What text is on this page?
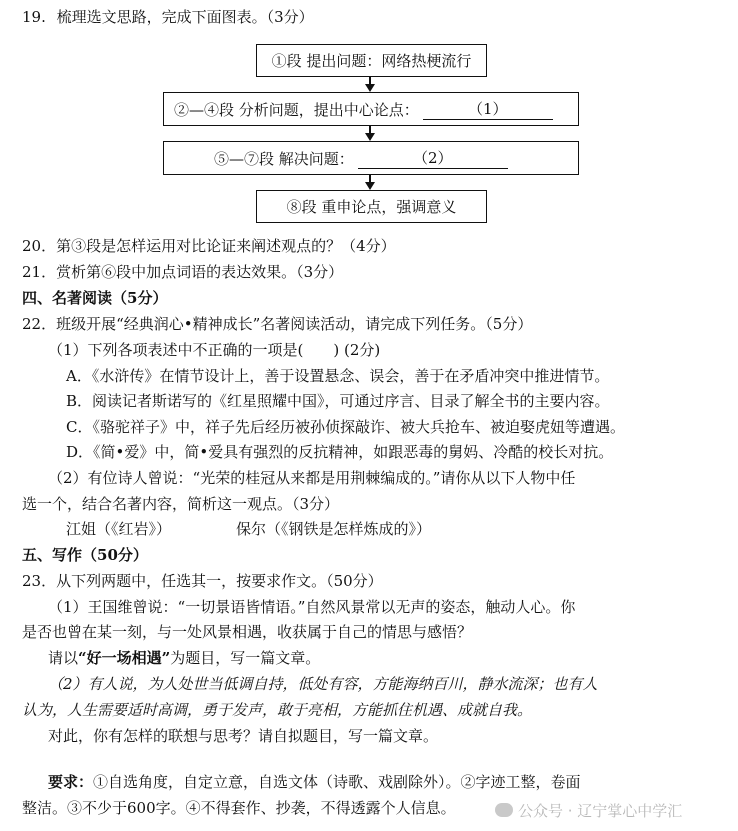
19. 梳理选文思路，完成下面图表。（3分）
①段 提出问题：网络热梗流行
②—④段 分析问题，提出中心论点：	（1）
⑤—⑦段 解决问题：	（2）
⑧段 重申论点，强调意义
20．第③段是怎样运用对比论证来阐述观点的？（4分）
21．赏析第⑥段中加点词语的表达效果。（3分）
四、名著阅读（5分）
22．班级开展“经典润心•精神成长”名著阅读活动，请完成下列任务。（5分）
（1）下列各项表述中不正确的一项是(　　) (2分)
A．《水浒传》在情节设计上，善于设置悬念、误会，善于在矛盾冲突中推进情节。
B．阅读记者斯诺写的《红星照耀中国》，可通过序言、目录了解全书的主要内容。
C．《骆驼祥子》中，祥子先后经历被孙侦探敲诈、被大兵抢车、被迫娶虎妞等遭遇。
D．《简•爱》中，简•爱具有强烈的反抗精神，如跟恶毒的舅妈、冷酷的校长对抗。
（2）有位诗人曾说：“光荣的桂冠从来都是用荆棘编成的。”请你从以下人物中任
选一个，结合名著内容，简析这一观点。（3分）
江姐（《红岩》）	保尔（《钢铁是怎样炼成的》）
五、写作（50分）
23．从下列两题中，任选其一，按要求作文。（50分）
（1）王国维曾说：“一切景语皆情语。”自然风景常以无声的姿态，触动人心。你
是否也曾在某一刻，与一处风景相遇，收获属于自己的情思与感悟？
请以“好一场相遇”为题目，写一篇文章。
（2）有人说，为人处世当低调自持，低处有容，方能海纳百川，静水流深；也有人
认为，人生需要适时高调，勇于发声，敢于亮相，方能抓住机遇、成就自我。
对此，你有怎样的联想与思考？请自拟题目，写一篇文章。
要求：①自选角度，自定立意，自选文体（诗歌、戏剧除外）。②字迹工整，卷面
整洁。③不少于600字。④不得套作、抄袭，不得透露个人信息。	公众号 · 辽宁掌心中学汇
